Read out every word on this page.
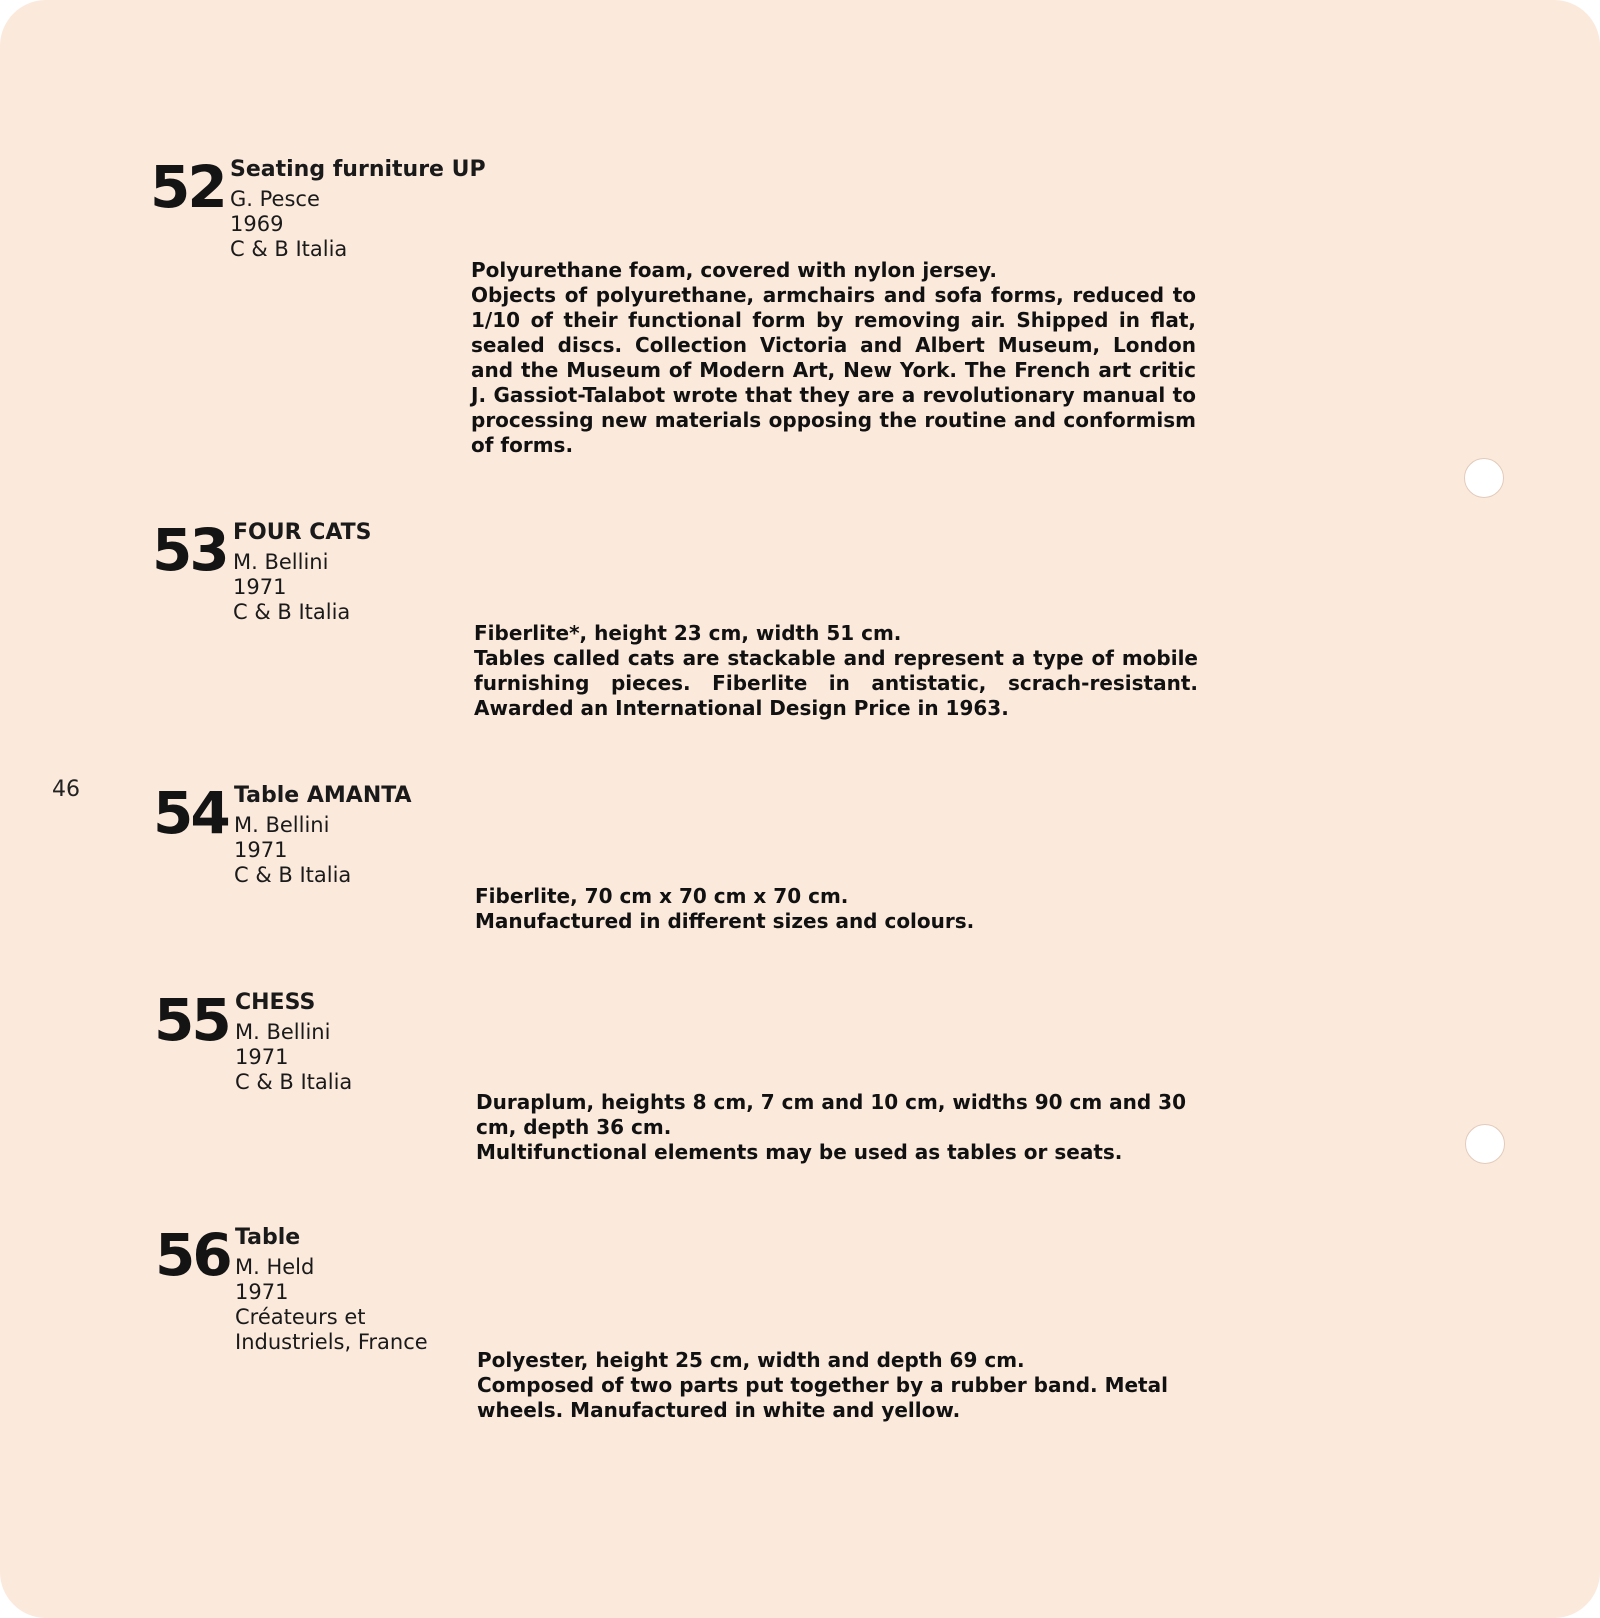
46
52 Seating furniture UP
G. Pesce
1969
C & B Italia

Polyurethane foam, covered with nylon jersey.

Objects of polyurethane, armchairs and sofa forms, reduced to 1/10 of their functional form by removing air. Shipped in flat, sealed discs. Collection Victoria and Albert Museum, London and the Museum of Modern Art, New York. The French art critic J. Gassiot-Talabot wrote that they are a revolutionary manual to processing new materials opposing the routine and conformism of forms.

53 FOUR CATS
M. Bellini
1971
C & B Italia

Fiberlite*, height 23 cm, width 51 cm.

Tables called cats are stackable and represent a type of mobile furnishing pieces. Fiberlite in antistatic, scrach-resistant. Awarded an International Design Price in 1963.

54 Table AMANTA
M. Bellini
1971
C & B Italia

Fiberlite, 70 cm x 70 cm x 70 cm.

Manufactured in different sizes and colours.

55 CHESS
M. Bellini
1971
C & B Italia

Duraplum, heights 8 cm, 7 cm and 10 cm, widths 90 cm and 30 cm, depth 36 cm.

Multifunctional elements may be used as tables or seats.

56 Table
M. Held
1971
Créateurs et
Industriels, France

Polyester, height 25 cm, width and depth 69 cm.

Composed of two parts put together by a rubber band. Metal wheels. Manufactured in white and yellow.
